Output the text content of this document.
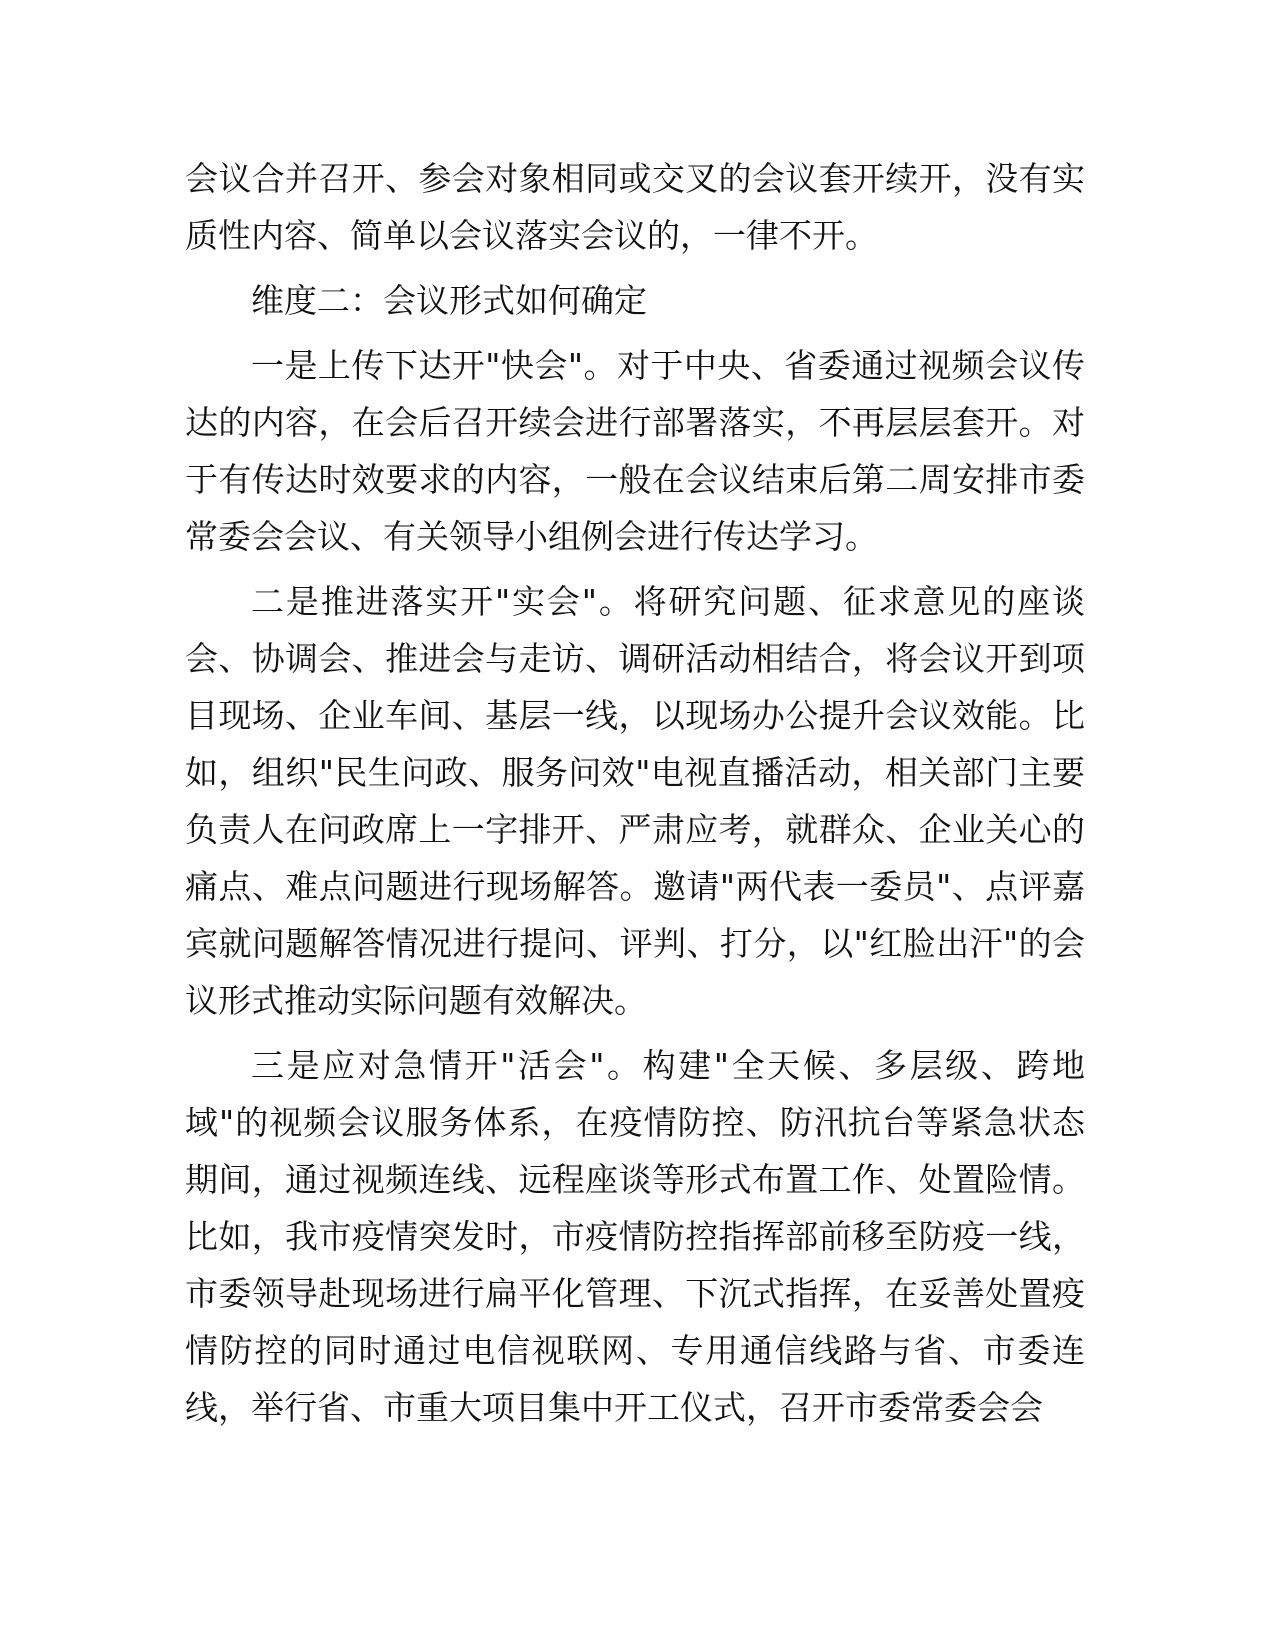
会议合并召开、参会对象相同或交叉的会议套开续开，没有实质性内容、简单以会议落实会议的，一律不开。

维度二：会议形式如何确定

一是上传下达开"快会"。对于中央、省委通过视频会议传达的内容，在会后召开续会进行部署落实，不再层层套开。对于有传达时效要求的内容，一般在会议结束后第二周安排市委常委会会议、有关领导小组例会进行传达学习。

二是推进落实开"实会"。将研究问题、征求意见的座谈会、协调会、推进会与走访、调研活动相结合，将会议开到项目现场、企业车间、基层一线，以现场办公提升会议效能。比如，组织"民生问政、服务问效"电视直播活动，相关部门主要负责人在问政席上一字排开、严肃应考，就群众、企业关心的痛点、难点问题进行现场解答。邀请"两代表一委员"、点评嘉宾就问题解答情况进行提问、评判、打分，以"红脸出汗"的会议形式推动实际问题有效解决。

三是应对急情开"活会"。构建"全天候、多层级、跨地域"的视频会议服务体系，在疫情防控、防汛抗台等紧急状态期间，通过视频连线、远程座谈等形式布置工作、处置险情。比如，我市疫情突发时，市疫情防控指挥部前移至防疫一线，市委领导赴现场进行扁平化管理、下沉式指挥，在妥善处置疫情防控的同时通过电信视联网、专用通信线路与省、市委连线，举行省、市重大项目集中开工仪式，召开市委常委会会
